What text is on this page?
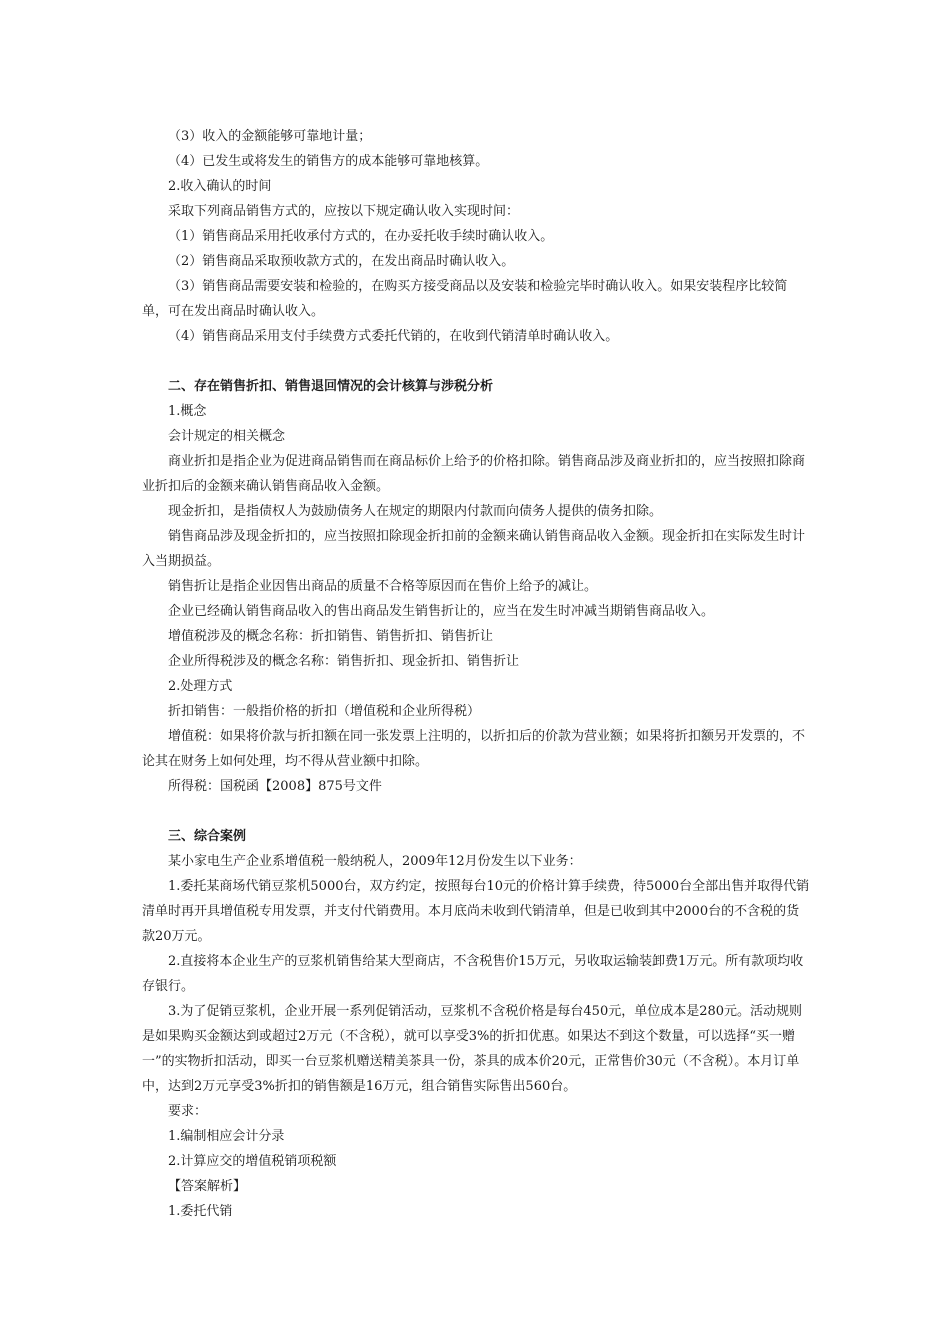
（3）收入的金额能够可靠地计量；

（4）已发生或将发生的销售方的成本能够可靠地核算。

2.收入确认的时间

采取下列商品销售方式的，应按以下规定确认收入实现时间：

（1）销售商品采用托收承付方式的，在办妥托收手续时确认收入。

（2）销售商品采取预收款方式的，在发出商品时确认收入。

（3）销售商品需要安装和检验的，在购买方接受商品以及安装和检验完毕时确认收入。如果安装程序比较简单，可在发出商品时确认收入。

（4）销售商品采用支付手续费方式委托代销的，在收到代销清单时确认收入。

二、存在销售折扣、销售退回情况的会计核算与涉税分析

1.概念

会计规定的相关概念

商业折扣是指企业为促进商品销售而在商品标价上给予的价格扣除。销售商品涉及商业折扣的，应当按照扣除商业折扣后的金额来确认销售商品收入金额。

现金折扣，是指债权人为鼓励债务人在规定的期限内付款而向债务人提供的债务扣除。

销售商品涉及现金折扣的，应当按照扣除现金折扣前的金额来确认销售商品收入金额。现金折扣在实际发生时计入当期损益。

销售折让是指企业因售出商品的质量不合格等原因而在售价上给予的减让。

企业已经确认销售商品收入的售出商品发生销售折让的，应当在发生时冲减当期销售商品收入。

增值税涉及的概念名称：折扣销售、销售折扣、销售折让

企业所得税涉及的概念名称：销售折扣、现金折扣、销售折让

2.处理方式

折扣销售：一般指价格的折扣（增值税和企业所得税）

增值税：如果将价款与折扣额在同一张发票上注明的，以折扣后的价款为营业额；如果将折扣额另开发票的，不论其在财务上如何处理，均不得从营业额中扣除。

所得税：国税函【2008】875号文件

三、综合案例

某小家电生产企业系增值税一般纳税人，2009年12月份发生以下业务：

1.委托某商场代销豆浆机5000台，双方约定，按照每台10元的价格计算手续费，待5000台全部出售并取得代销清单时再开具增值税专用发票，并支付代销费用。本月底尚未收到代销清单，但是已收到其中2000台的不含税的货款20万元。

2.直接将本企业生产的豆浆机销售给某大型商店，不含税售价15万元，另收取运输装卸费1万元。所有款项均收存银行。

3.为了促销豆浆机，企业开展一系列促销活动，豆浆机不含税价格是每台450元，单位成本是280元。活动规则是如果购买金额达到或超过2万元（不含税），就可以享受3%的折扣优惠。如果达不到这个数量，可以选择“买一赠一”的实物折扣活动，即买一台豆浆机赠送精美茶具一份，茶具的成本价20元，正常售价30元（不含税）。本月订单中，达到2万元享受3%折扣的销售额是16万元，组合销售实际售出560台。

要求：

1.编制相应会计分录

2.计算应交的增值税销项税额

【答案解析】

1.委托代销
